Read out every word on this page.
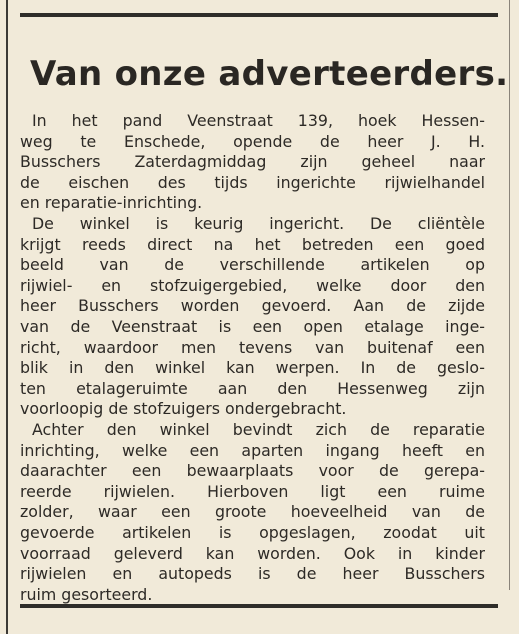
Van onze adverteerders.
In het pand Veenstraat 139, hoek Hessen-
weg te Enschede, opende de heer J. H.
Busschers Zaterdagmiddag zijn geheel naar
de eischen des tijds ingerichte rijwielhandel
en reparatie-inrichting.
De winkel is keurig ingericht. De cliëntèle
krijgt reeds direct na het betreden een goed
beeld van de verschillende artikelen op
rijwiel- en stofzuigergebied, welke door den
heer Busschers worden gevoerd. Aan de zijde
van de Veenstraat is een open etalage inge-
richt, waardoor men tevens van buitenaf een
blik in den winkel kan werpen. In de geslo-
ten etalageruimte aan den Hessenweg zijn
voorloopig de stofzuigers ondergebracht.
Achter den winkel bevindt zich de reparatie
inrichting, welke een aparten ingang heeft en
daarachter een bewaarplaats voor de gerepa-
reerde rijwielen. Hierboven ligt een ruime
zolder, waar een groote hoeveelheid van de
gevoerde artikelen is opgeslagen, zoodat uit
voorraad geleverd kan worden. Ook in kinder
rijwielen en autopeds is de heer Busschers
ruim gesorteerd.
